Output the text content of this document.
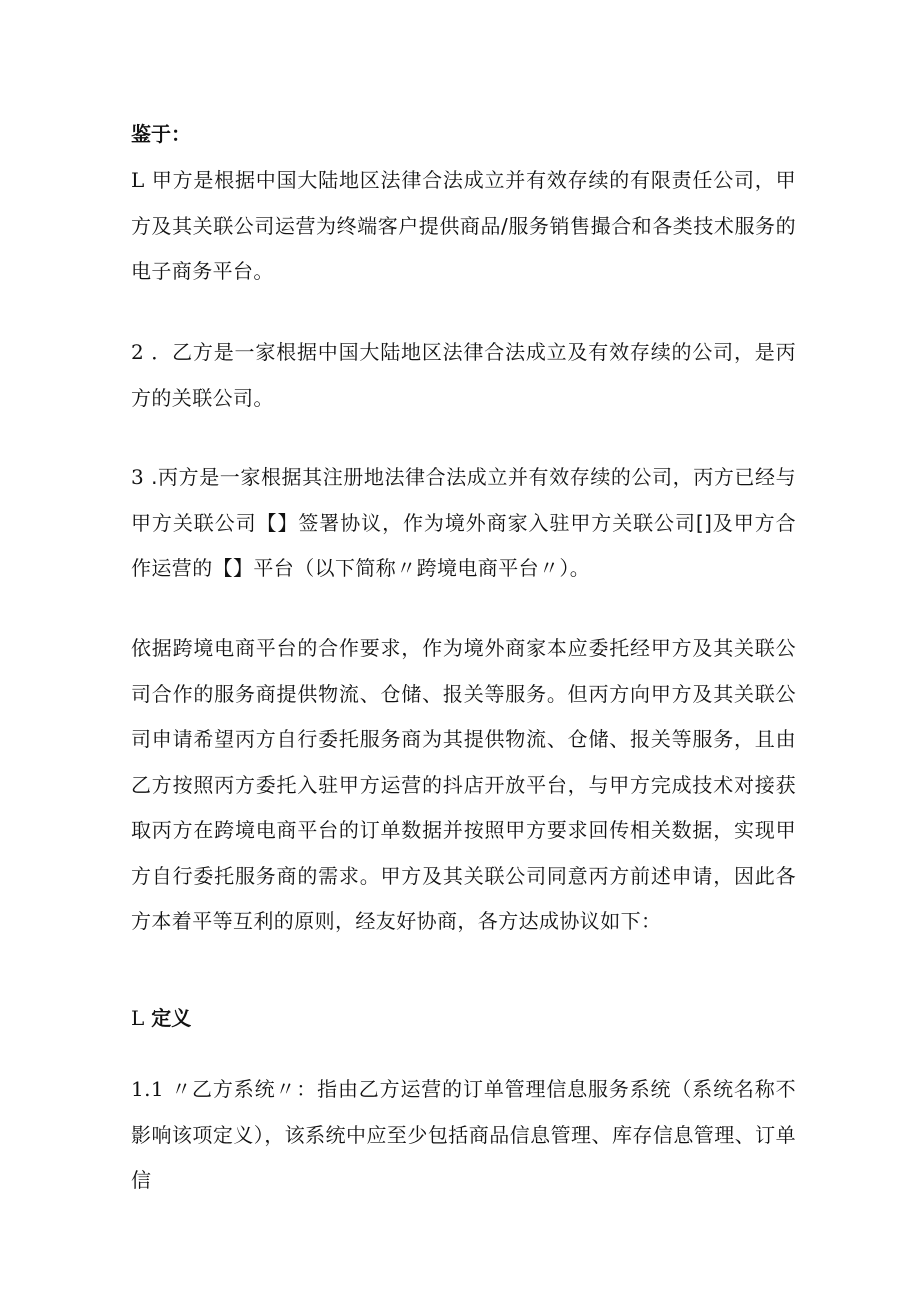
鉴于：

L 甲方是根据中国大陆地区法律合法成立并有效存续的有限责任公司，甲方及其关联公司运营为终端客户提供商品/服务销售撮合和各类技术服务的电子商务平台。

2 ．乙方是一家根据中国大陆地区法律合法成立及有效存续的公司，是丙方的关联公司。

3 .丙方是一家根据其注册地法律合法成立并有效存续的公司，丙方已经与甲方关联公司【】签署协议，作为境外商家入驻甲方关联公司[]及甲方合作运营的【】平台（以下简称〃跨境电商平台〃）。

依据跨境电商平台的合作要求，作为境外商家本应委托经甲方及其关联公司合作的服务商提供物流、仓储、报关等服务。但丙方向甲方及其关联公司申请希望丙方自行委托服务商为其提供物流、仓储、报关等服务，且由乙方按照丙方委托入驻甲方运营的抖店开放平台，与甲方完成技术对接获取丙方在跨境电商平台的订单数据并按照甲方要求回传相关数据，实现甲方自行委托服务商的需求。甲方及其关联公司同意丙方前述申请，因此各方本着平等互利的原则，经友好协商，各方达成协议如下：

L 定义

1.1 〃乙方系统〃：指由乙方运营的订单管理信息服务系统（系统名称不影响该项定义），该系统中应至少包括商品信息管理、库存信息管理、订单信
